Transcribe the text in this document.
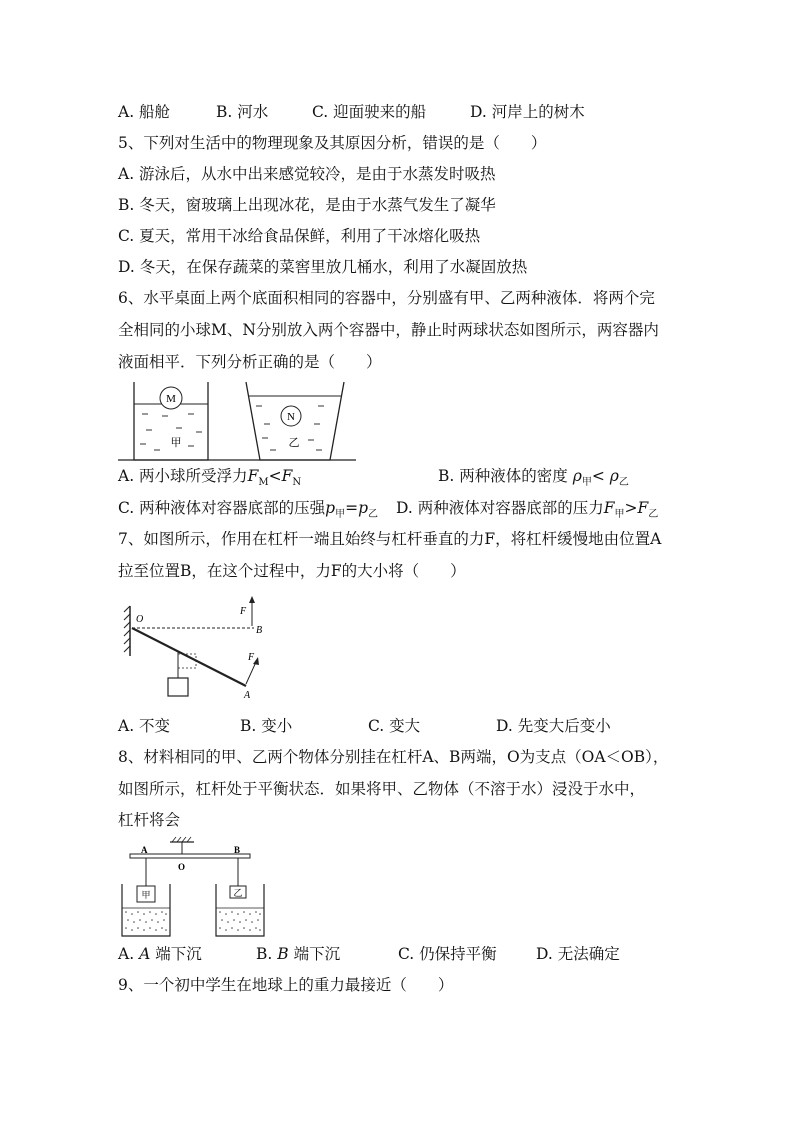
A. 船舱	B. 河水	C. 迎面驶来的船	D. 河岸上的树木
5、下列对生活中的物理现象及其原因分析，错误的是（　　）
A. 游泳后，从水中出来感觉较冷，是由于水蒸发时吸热
B. 冬天，窗玻璃上出现冰花，是由于水蒸气发生了凝华
C. 夏天，常用干冰给食品保鲜，利用了干冰熔化吸热
D. 冬天，在保存蔬菜的菜窖里放几桶水，利用了水凝固放热
6、水平桌面上两个底面积相同的容器中，分别盛有甲、乙两种液体．将两个完
全相同的小球M、N分别放入两个容器中，静止时两球状态如图所示，两容器内
液面相平．下列分析正确的是（　　）
M
甲
N
乙
A. 两小球所受浮力$F_M<F_N$	B. 两种液体的密度 $\rho_甲< \rho_乙$
C. 两种液体对容器底部的压强$p_甲=p_乙$ D. 两种液体对容器底部的压力$F_甲>F_乙$
7、如图所示，作用在杠杆一端且始终与杠杆垂直的力F，将杠杆缓慢地由位置A
拉至位置B，在这个过程中，力F的大小将（　　）
O
B
F
F
A
A. 不变	B. 变小	C. 变大	D. 先变大后变小
8、材料相同的甲、乙两个物体分别挂在杠杆A、B两端，O为支点（OA＜OB），
如图所示，杠杆处于平衡状态．如果将甲、乙物体（不溶于水）浸没于水中，
杠杆将会
A	B
O
甲	乙
A. A 端下沉	B. B 端下沉	C. 仍保持平衡	D. 无法确定
9、一个初中学生在地球上的重力最接近（　　）
